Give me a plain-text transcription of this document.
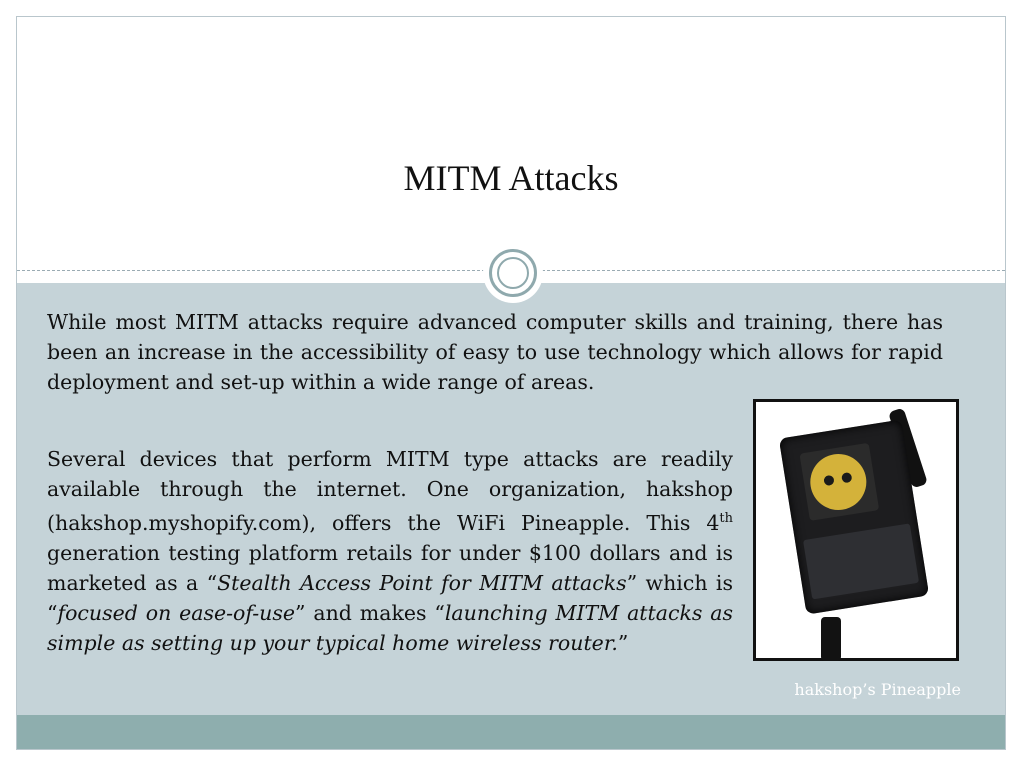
MITM Attacks

While most MITM attacks require advanced computer skills and training, there has been an increase in the accessibility of easy to use technology which allows for rapid deployment and set-up within a wide range of areas.

Several devices that perform MITM type attacks are readily available through the internet. One organization, hakshop (hakshop.myshopify.com), offers the WiFi Pineapple. This 4th generation testing platform retails for under $100 dollars and is marketed as a “Stealth Access Point for MITM attacks” which is “focused on ease-of-use” and makes “launching MITM attacks as simple as setting up your typical home wireless router.”

hakshop’s Pineapple
